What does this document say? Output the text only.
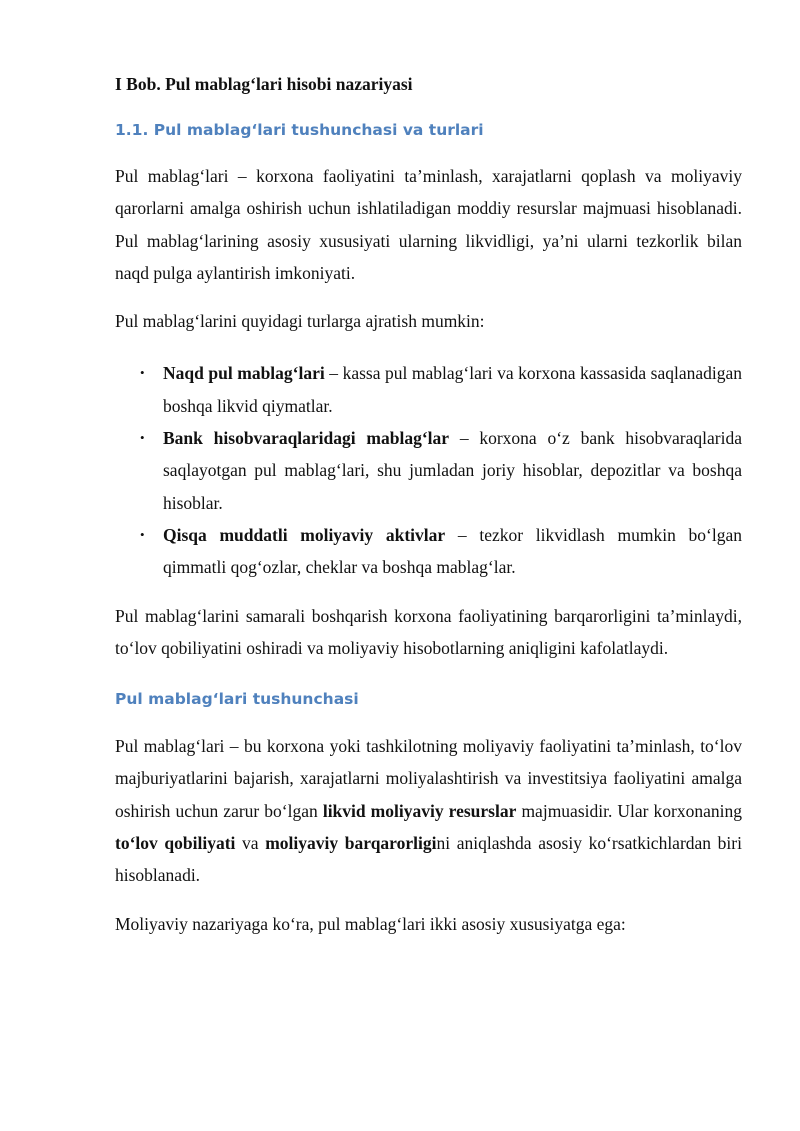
I Bob. Pul mablag‘lari hisobi nazariyasi
1.1. Pul mablag‘lari tushunchasi va turlari

Pul mablag‘lari – korxona faoliyatini ta’minlash, xarajatlarni qoplash va moliyaviy qarorlarni amalga oshirish uchun ishlatiladigan moddiy resurslar majmuasi hisoblanadi. Pul mablag‘larining asosiy xususiyati ularning likvidligi, ya’ni ularni tezkorlik bilan naqd pulga aylantirish imkoniyati.

Pul mablag‘larini quyidagi turlarga ajratish mumkin:

• Naqd pul mablag‘lari – kassa pul mablag‘lari va korxona kassasida saqlanadigan boshqa likvid qiymatlar.
• Bank hisobvaraqlaridagi mablag‘lar – korxona o‘z bank hisobvaraqlarida saqlayotgan pul mablag‘lari, shu jumladan joriy hisoblar, depozitlar va boshqa hisoblar.
• Qisqa muddatli moliyaviy aktivlar – tezkor likvidlash mumkin bo‘lgan qimmatli qog‘ozlar, cheklar va boshqa mablag‘lar.

Pul mablag‘larini samarali boshqarish korxona faoliyatining barqarorligini ta’minlaydi, to‘lov qobiliyatini oshiradi va moliyaviy hisobotlarning aniqligini kafolatlaydi.

Pul mablag‘lari tushunchasi

Pul mablag‘lari – bu korxona yoki tashkilotning moliyaviy faoliyatini ta’minlash, to‘lov majburiyatlarini bajarish, xarajatlarni moliyalashtirish va investitsiya faoliyatini amalga oshirish uchun zarur bo‘lgan likvid moliyaviy resurslar majmuasidir. Ular korxonaning to‘lov qobiliyati va moliyaviy barqarorligini aniqlashda asosiy ko‘rsatkichlardan biri hisoblanadi.

Moliyaviy nazariyaga ko‘ra, pul mablag‘lari ikki asosiy xususiyatga ega:
